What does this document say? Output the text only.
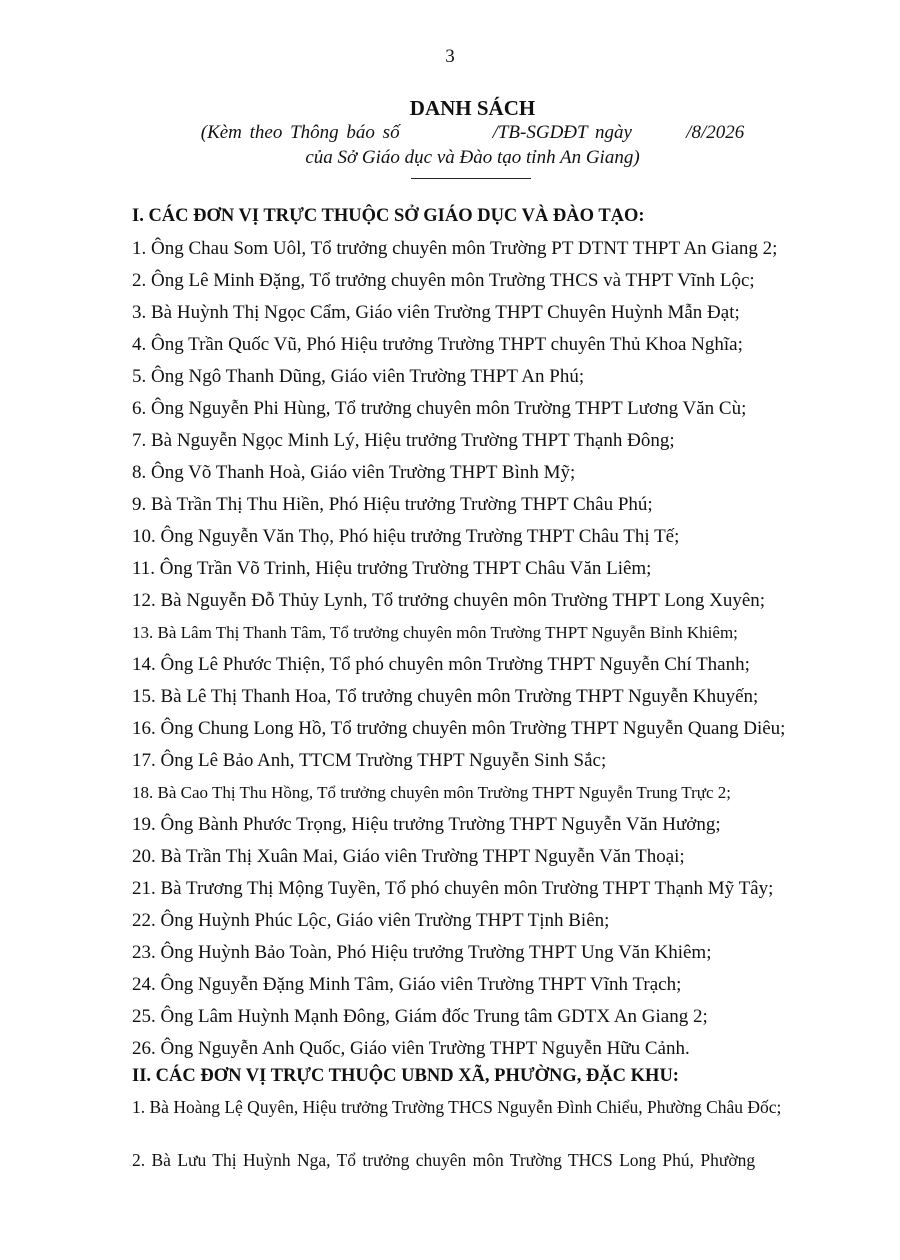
3
DANH SÁCH
(Kèm theo Thông báo số            /TB-SGDĐT ngày       /8/2026
của Sở Giáo dục và Đào tạo tỉnh An Giang)
I. CÁC ĐƠN VỊ TRỰC THUỘC SỞ GIÁO DỤC VÀ ĐÀO TẠO:
1. Ông Chau Som Uôl, Tổ trưởng chuyên môn Trường PT DTNT THPT An Giang 2;
2. Ông Lê Minh Đặng, Tổ trưởng chuyên môn Trường THCS và THPT Vĩnh Lộc;
3. Bà Huỳnh Thị Ngọc Cẩm, Giáo viên Trường THPT Chuyên Huỳnh Mẫn Đạt;
4. Ông Trần Quốc Vũ, Phó Hiệu trưởng Trường THPT chuyên Thủ Khoa Nghĩa;
5. Ông Ngô Thanh Dũng, Giáo viên Trường THPT An Phú;
6. Ông Nguyễn Phi Hùng, Tổ trưởng chuyên môn Trường THPT Lương Văn Cù;
7. Bà Nguyễn Ngọc Minh Lý, Hiệu trưởng Trường THPT Thạnh Đông;
8. Ông Võ Thanh Hoà, Giáo viên Trường THPT Bình Mỹ;
9. Bà Trần Thị Thu Hiền, Phó Hiệu trưởng Trường THPT Châu Phú;
10. Ông Nguyễn Văn Thọ, Phó hiệu trưởng Trường THPT Châu Thị Tế;
11. Ông Trần Võ Trinh, Hiệu trưởng Trường THPT Châu Văn Liêm;
12. Bà Nguyễn Đỗ Thủy Lynh, Tổ trưởng chuyên môn Trường THPT Long Xuyên;
13. Bà Lâm Thị Thanh Tâm, Tổ trưởng chuyên môn Trường THPT Nguyễn Bỉnh Khiêm;
14. Ông Lê Phước Thiện, Tổ phó chuyên môn Trường THPT Nguyễn Chí Thanh;
15. Bà Lê Thị Thanh Hoa, Tổ trưởng chuyên môn Trường THPT Nguyễn Khuyến;
16. Ông Chung Long Hồ, Tổ trưởng chuyên môn Trường THPT Nguyễn Quang Diêu;
17. Ông Lê Bảo Anh, TTCM Trường THPT Nguyễn Sinh Sắc;
18. Bà Cao Thị Thu Hồng, Tổ trưởng chuyên môn Trường THPT Nguyễn Trung Trực 2;
19. Ông Bành Phước Trọng, Hiệu trưởng Trường THPT Nguyễn Văn Hưởng;
20. Bà Trần Thị Xuân Mai, Giáo viên Trường THPT Nguyễn Văn Thoại;
21. Bà Trương Thị Mộng Tuyền, Tổ phó chuyên môn Trường THPT Thạnh Mỹ Tây;
22. Ông Huỳnh Phúc Lộc, Giáo viên Trường THPT Tịnh Biên;
23. Ông Huỳnh Bảo Toàn, Phó Hiệu trưởng Trường THPT Ung Văn Khiêm;
24. Ông Nguyễn Đặng Minh Tâm, Giáo viên Trường THPT Vĩnh Trạch;
25. Ông Lâm Huỳnh Mạnh Đông, Giám đốc Trung tâm GDTX An Giang 2;
26. Ông Nguyễn Anh Quốc, Giáo viên Trường THPT Nguyễn Hữu Cảnh.
II. CÁC ĐƠN VỊ TRỰC THUỘC UBND XÃ, PHƯỜNG, ĐẶC KHU:
1. Bà Hoàng Lệ Quyên, Hiệu trưởng Trường THCS Nguyễn Đình Chiểu, Phường Châu Đốc;
2. Bà Lưu Thị Huỳnh Nga, Tổ trưởng chuyên môn Trường THCS Long Phú, Phường
